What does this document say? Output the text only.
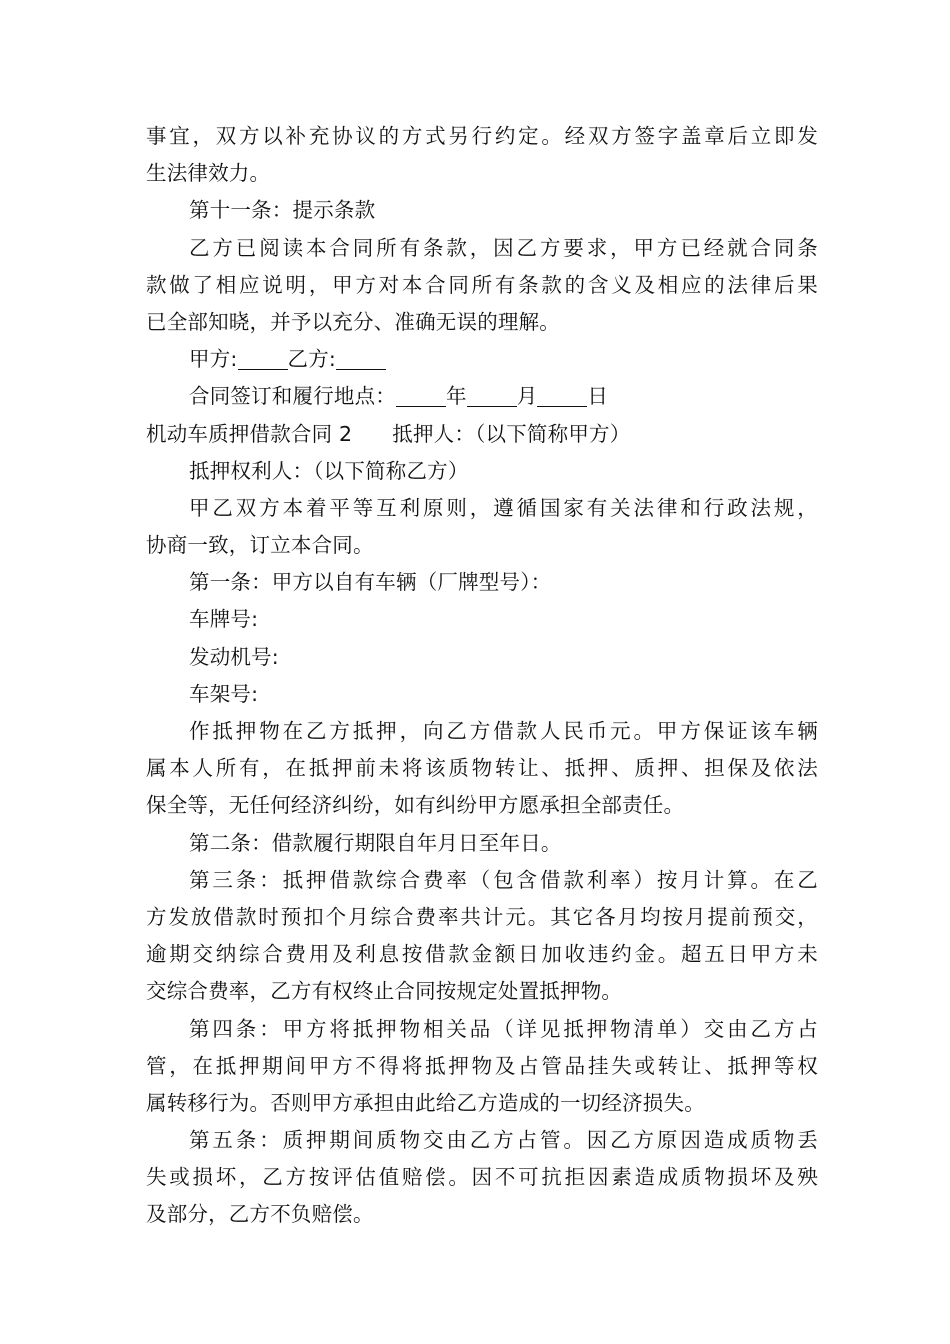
事宜，双方以补充协议的方式另行约定。经双方签字盖章后立即发
生法律效力。
第十一条：提示条款
乙方已阅读本合同所有条款，因乙方要求，甲方已经就合同条
款做了相应说明，甲方对本合同所有条款的含义及相应的法律后果
已全部知晓，并予以充分、准确无误的理解。
甲方: 乙方:
合同签订和履行地点： 年 月 日
机动车质押借款合同 2 抵押人：（以下简称甲方）
抵押权利人：（以下简称乙方）
甲乙双方本着平等互利原则，遵循国家有关法律和行政法规，
协商一致，订立本合同。
第一条：甲方以自有车辆（厂牌型号）：
车牌号:
发动机号:
车架号:
作抵押物在乙方抵押，向乙方借款人民币元。甲方保证该车辆
属本人所有，在抵押前未将该质物转让、抵押、质押、担保及依法
保全等，无任何经济纠纷，如有纠纷甲方愿承担全部责任。
第二条：借款履行期限自年月日至年日。
第三条：抵押借款综合费率（包含借款利率）按月计算。在乙
方发放借款时预扣个月综合费率共计元。其它各月均按月提前预交，
逾期交纳综合费用及利息按借款金额日加收违约金。超五日甲方未
交综合费率，乙方有权终止合同按规定处置抵押物。
第四条：甲方将抵押物相关品（详见抵押物清单）交由乙方占
管，在抵押期间甲方不得将抵押物及占管品挂失或转让、抵押等权
属转移行为。否则甲方承担由此给乙方造成的一切经济损失。
第五条：质押期间质物交由乙方占管。因乙方原因造成质物丢
失或损坏，乙方按评估值赔偿。因不可抗拒因素造成质物损坏及殃
及部分，乙方不负赔偿。
